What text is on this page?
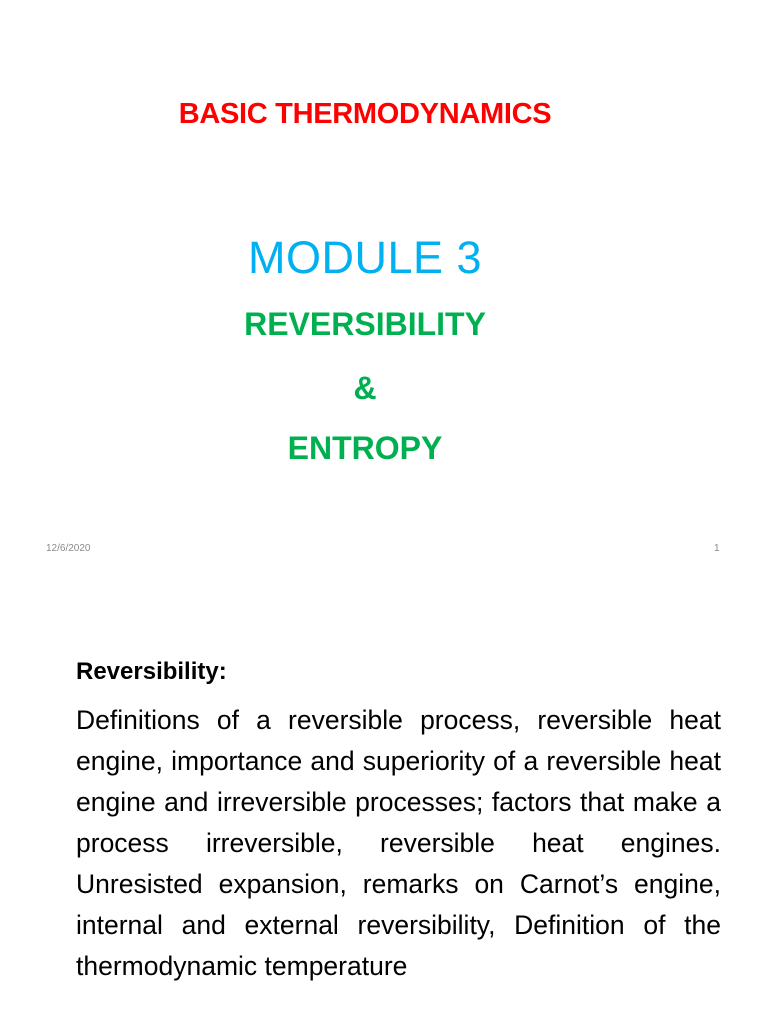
BASIC THERMODYNAMICS
MODULE 3
REVERSIBILITY
&
ENTROPY
12/6/2020	1
Reversibility:

Definitions of a reversible process, reversible heat engine, importance and superiority of a reversible heat engine and irreversible processes; factors that make a process irreversible, reversible heat engines. Unresisted expansion, remarks on Carnot’s engine, internal and external reversibility, Definition of the thermodynamic temperature
